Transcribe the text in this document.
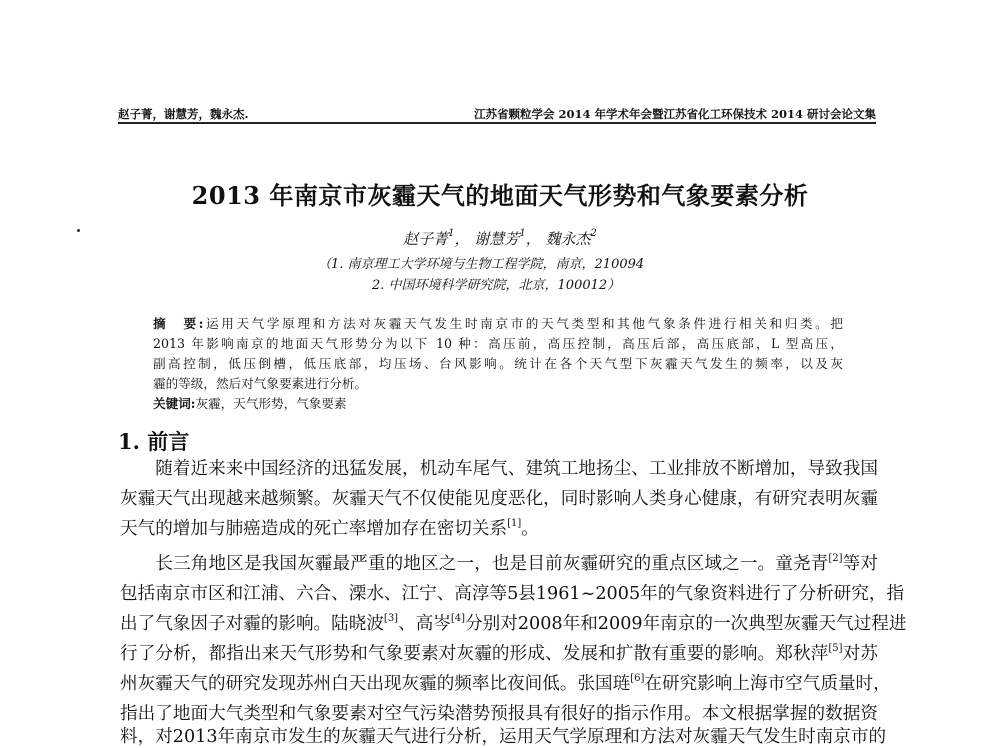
赵子菁，谢慧芳，魏永杰.	江苏省颗粒学会 2014 年学术年会暨江苏省化工环保技术 2014 研讨会论文集
2013 年南京市灰霾天气的地面天气形势和气象要素分析
赵子菁$^1$， 谢慧芳$^1$， 魏永杰$^2$
（1. 南京理工大学环境与生物工程学院，南京，210094
2. 中国环境科学研究院，北京，100012）
摘　要:运用天气学原理和方法对灰霾天气发生时南京市的天气类型和其他气象条件进行相关和归类。把
2013 年影响南京的地面天气形势分为以下 10 种：高压前，高压控制，高压后部，高压底部，L 型高压，
副高控制，低压倒槽，低压底部，均压场、台风影响。统计在各个天气型下灰霾天气发生的频率，以及灰
霾的等级，然后对气象要素进行分析。
关键词:灰霾，天气形势，气象要素
1. 前言
　　随着近来来中国经济的迅猛发展，机动车尾气、建筑工地扬尘、工业排放不断增加，导致我国
灰霾天气出现越来越频繁。灰霾天气不仅使能见度恶化，同时影响人类身心健康，有研究表明灰霾
天气的增加与肺癌造成的死亡率增加存在密切关系[1]。
　　长三角地区是我国灰霾最严重的地区之一，也是目前灰霾研究的重点区域之一。童尧青[2]等对
包括南京市区和江浦、六合、溧水、江宁、高淳等5县1961~2005年的气象资料进行了分析研究，指
出了气象因子对霾的影响。陆晓波[3]、高岑[4]分别对2008年和2009年南京的一次典型灰霾天气过程进
行了分析，都指出来天气形势和气象要素对灰霾的形成、发展和扩散有重要的影响。郑秋萍[5]对苏
州灰霾天气的研究发现苏州白天出现灰霾的频率比夜间低。张国琏[6]在研究影响上海市空气质量时，
指出了地面大气类型和气象要素对空气污染潜势预报具有很好的指示作用。本文根据掌握的数据资
料，对2013年南京市发生的灰霾天气进行分析，运用天气学原理和方法对灰霾天气发生时南京市的
